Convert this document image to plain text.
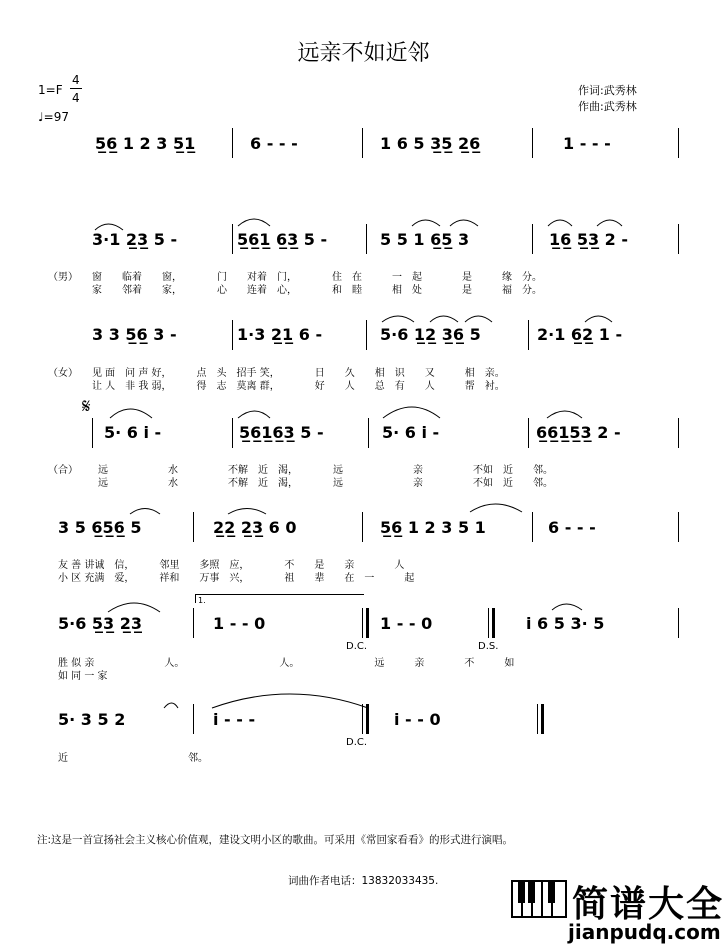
远亲不如近邻
1=F
4
4
♩=97
作词:武秀林
作曲:武秀林
5̲6̲ 1 2 3 5̲1̲	6 - - -	1 6 5 3̲5̲ 2̲6̲	1 - - -
3·1 2̲3̲ 5 -	5̲6̲1̲ 6̲3̲ 5 -	5 5 1 6̲5̲ 3	1̲6̲ 5̲3̲ 2 -
（男） 窗　　临着　　窗，　　　　门　　对着　门，　　　　住　在　　　一　起　　　　是　　　缘　分。
家　　邻着　　家，　　　　心　　连着　心，　　　　和　睦　　　相　处　　　　是　　　福　分。
3 3 5̲6̲ 3 -	1·3 2̲1̲ 6 -	5·6 1̲2̲ 3̲6̲ 5	2·1 6̲2̲ 1 -
（女） 见 面　问 声 好，　　　点　头　招手 笑，　　　　日　　久　　相　识　　又　　　相　亲。
让 人　非 我 弱，　　　得　志　莫离 群，　　　　好　　人　　总　有　　人　　　帮　衬。
𝄋
5· 6 i -	5̲6̲1̲6̲3̲ 5 -	5· 6 i -	6̲6̲1̲5̲3̲ 2 -
（合） 远　　　　　　水　　　　　不解　近　渴，　　　　远　　　　　　　亲　　　　　不如　近　　邻。
远　　　　　　水　　　　　不解　近　渴，　　　　远　　　　　　　亲　　　　　不如　近　　邻。
3 5 6̲5̲6̲ 5	2̲2̲ 2̲3̲ 6 0	5̲6̲ 1 2 3 5 1	6 - - -
友 善 讲诚　信，　　　邻里　　多照　应，　　　　不　　是　　亲　　　　人
小 区 充满　爱，　　　祥和　　万事　兴，　　　　祖　　辈　　在　一　　　起
1.
5·6 5̲3̲ 2̲3̲	1 - - 0	1 - - 0	i 6 5 3· 5
D.C.	D.S.
胜 似 亲　　　　　　　人。　　　　　　　　　　人。　　　　　　　　远　　　亲　　　　不　　　如
如 同 一 家
5· 3 5 2	i - - -	i - - 0
D.C.
近　　　　　　　　　　　　邻。
注:这是一首宣扬社会主义核心价值观，建设文明小区的歌曲。可采用《常回家看看》的形式进行演唱。
词曲作者电话：13832033435.
简谱大全
jianpudq.com
